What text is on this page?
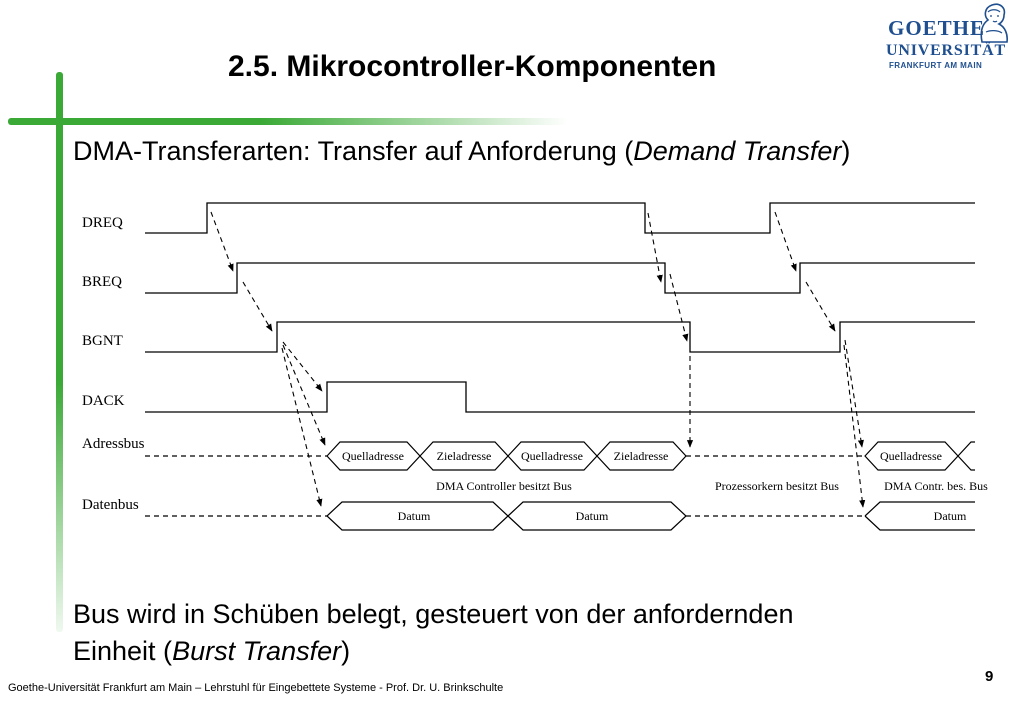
2.5. Mikrocontroller-Komponenten
GOETHE
UNIVERSITÄT
FRANKFURT AM MAIN
DMA-Transferarten: Transfer auf Anforderung (Demand Transfer)
DREQ
BREQ
BGNT
DACK
Adressbus
Datenbus
Quelladresse	Zieladresse Quelladresse	Zieladresse	Quelladresse
DMA Controller besitzt Bus	Prozessorkern besitzt Bus	DMA Contr. bes. Bus
Datum	Datum	Datum
Bus wird in Schüben belegt, gesteuert von der anfordernden
Einheit (Burst Transfer)
Goethe-Universität Frankfurt am Main – Lehrstuhl für Eingebettete Systeme - Prof. Dr. U. Brinkschulte
9
